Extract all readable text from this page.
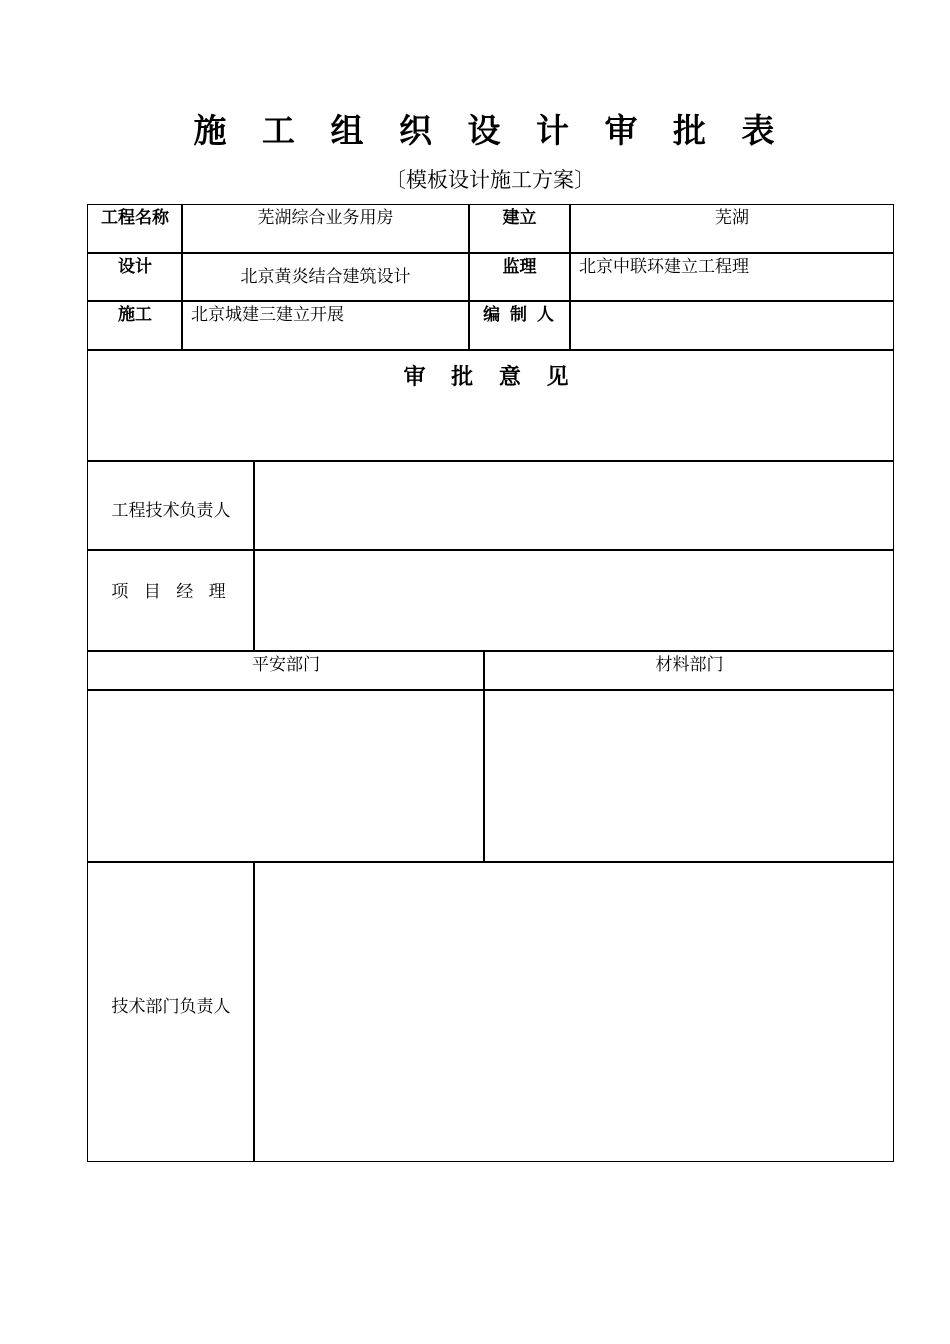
施 工 组 织 设 计 审 批 表
〔模板设计施工方案〕
工程名称	芜湖综合业务用房	建立	芜湖
设计	北京黄炎结合建筑设计	监理	北京中联环建立工程理
施工	北京城建三建立开展	编 制 人
审 批 意 见
工程技术负责人
项 目 经 理
平安部门	材料部门
技术部门负责人
